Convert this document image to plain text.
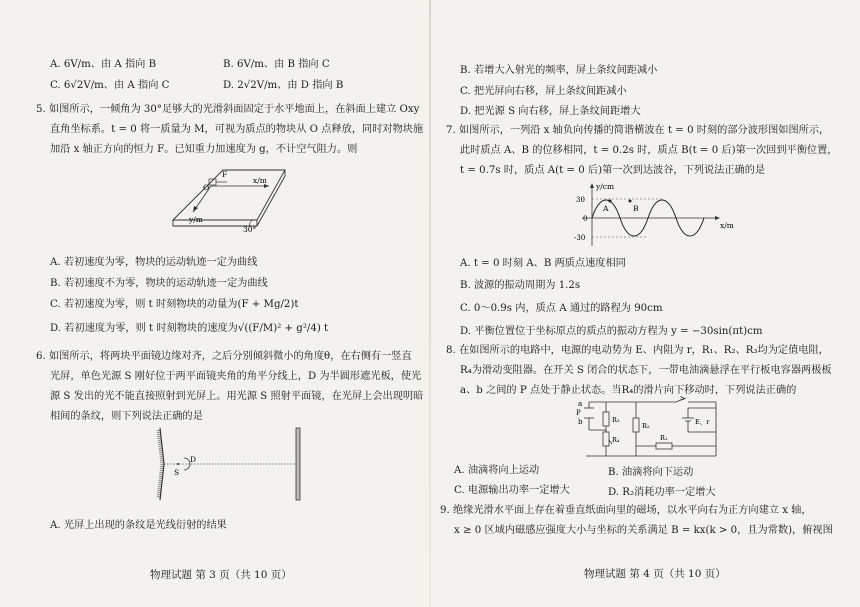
A. 6V/m、由 A 指向 B	B. 6V/m、由 B 指向 C
C. 6√2V/m、由 A 指向 C	D. 2√2V/m、由 D 指向 B
5. 如图所示，一倾角为 30°足够大的光滑斜面固定于水平地面上，在斜面上建立 Oxy
直角坐标系。t = 0 将一质量为 M，可视为质点的物块从 O 点释放，同时对物块施
加沿 x 轴正方向的恒力 F。已知重力加速度为 g，不计空气阻力。则
O
F
x/m
y/m
30°
A. 若初速度为零，物块的运动轨迹一定为曲线
B. 若初速度不为零，物块的运动轨迹一定为曲线
C. 若初速度为零，则 t 时刻物块的动量为(F + Mg/2)t
D. 若初速度为零，则 t 时刻物块的速度为√((F/M)² + g²/4) t
6. 如图所示，将两块平面镜边缘对齐，之后分别倾斜微小的角度θ，在右侧有一竖直
光屏，单色光源 S 刚好位于两平面镜夹角的角平分线上，D 为半圆形遮光板，使光
源 S 发出的光不能直接照射到光屏上。用光源 S 照射平面镜，在光屏上会出现明暗
相间的条纹，则下列说法正确的是
S
D
A. 光屏上出现的条纹是光线衍射的结果
物理试题 第 3 页（共 10 页）
B. 若增大入射光的频率，屏上条纹间距减小
C. 把光屏向右移，屏上条纹间距减小
D. 把光源 S 向右移，屏上条纹间距增大
7. 如图所示，一列沿 x 轴负向传播的简谐横波在 t = 0 时刻的部分波形图如图所示，
此时质点 A、B 的位移相同，t = 0.2s 时，质点 B(t = 0 后)第一次回到平衡位置，
t = 0.7s 时，质点 A(t = 0 后)第一次到达波谷，下列说法正确的是
y/cm
x/m
30
0
-30
A	B
A. t = 0 时刻 A、B 两质点速度相同
B. 波源的振动周期为 1.2s
C. 0～0.9s 内，质点 A 通过的路程为 90cm
D. 平衡位置位于坐标原点的质点的振动方程为 y = −30sin(πt)cm
8. 在如图所示的电路中，电源的电动势为 E、内阻为 r，R₁、R₂、R₃均为定值电阻，
R₄为滑动变阻器。在开关 S 闭合的状态下，一带电油滴悬浮在平行板电容器两极板
a、b 之间的 P 点处于静止状态。当R₄的滑片向下移动时，下列说法正确的
a
P
b	R₃
R₄
R₂
R₁
S
E、r
A. 油滴将向上运动	B. 油滴将向下运动
C. 电源输出功率一定增大	D. R₂消耗功率一定增大
9. 绝缘光滑水平面上存在着垂直纸面向里的磁场，以水平向右为正方向建立 x 轴，
x ≥ 0 区域内磁感应强度大小与坐标的关系满足 B = kx(k > 0，且为常数)，俯视图
物理试题 第 4 页（共 10 页）
